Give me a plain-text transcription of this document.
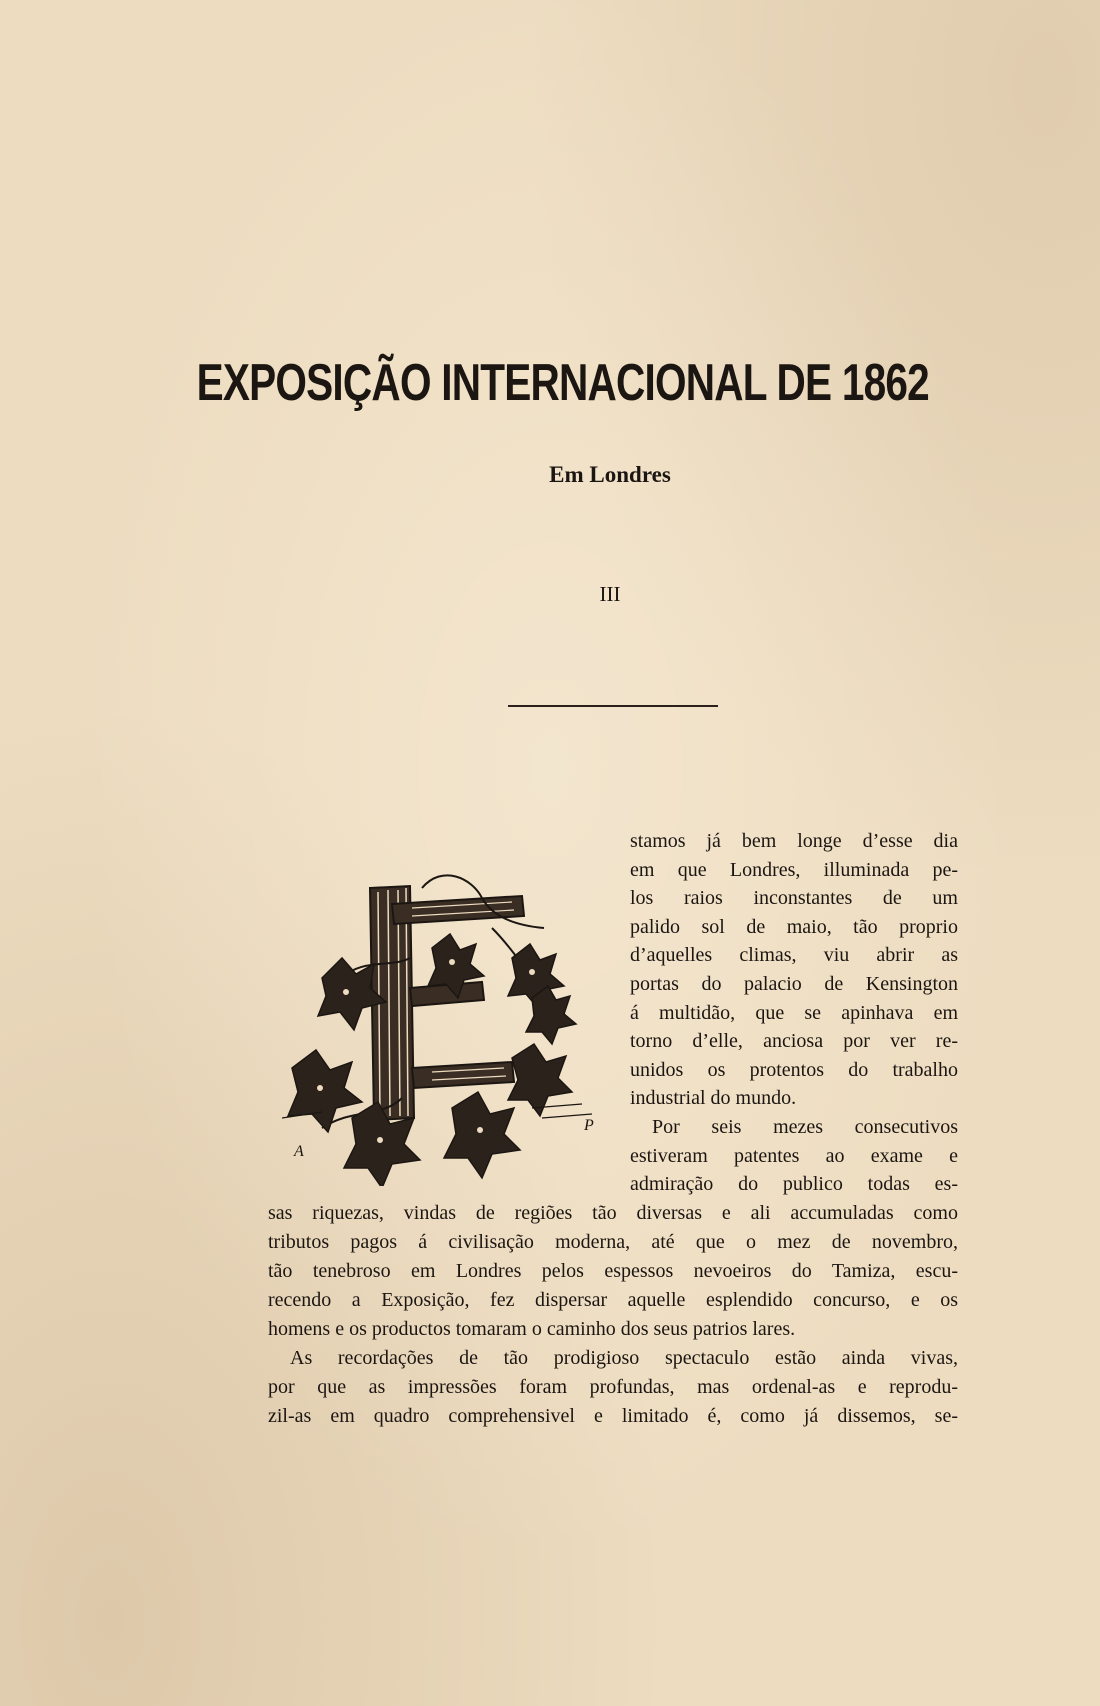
EXPOSIÇÃO INTERNACIONAL DE 1862
Em Londres
III
A
P
stamos já bem longe d’esse dia
em que Londres, illuminada pe-
los raios inconstantes de um
palido sol de maio, tão proprio
d’aquelles climas, viu abrir as
portas do palacio de Kensington
á multidão, que se apinhava em
torno d’elle, anciosa por ver re-
unidos os protentos do trabalho
industrial do mundo.
Por seis mezes consecutivos
estiveram patentes ao exame e
admiração do publico todas es-
sas riquezas, vindas de regiões tão diversas e ali accumuladas como
tributos pagos á civilisação moderna, até que o mez de novembro,
tão tenebroso em Londres pelos espessos nevoeiros do Tamiza, escu-
recendo a Exposição, fez dispersar aquelle esplendido concurso, e os
homens e os productos tomaram o caminho dos seus patrios lares.
As recordações de tão prodigioso spectaculo estão ainda vivas,
por que as impressões foram profundas, mas ordenal-as e reprodu-
zil-as em quadro comprehensivel e limitado é, como já dissemos, se-
